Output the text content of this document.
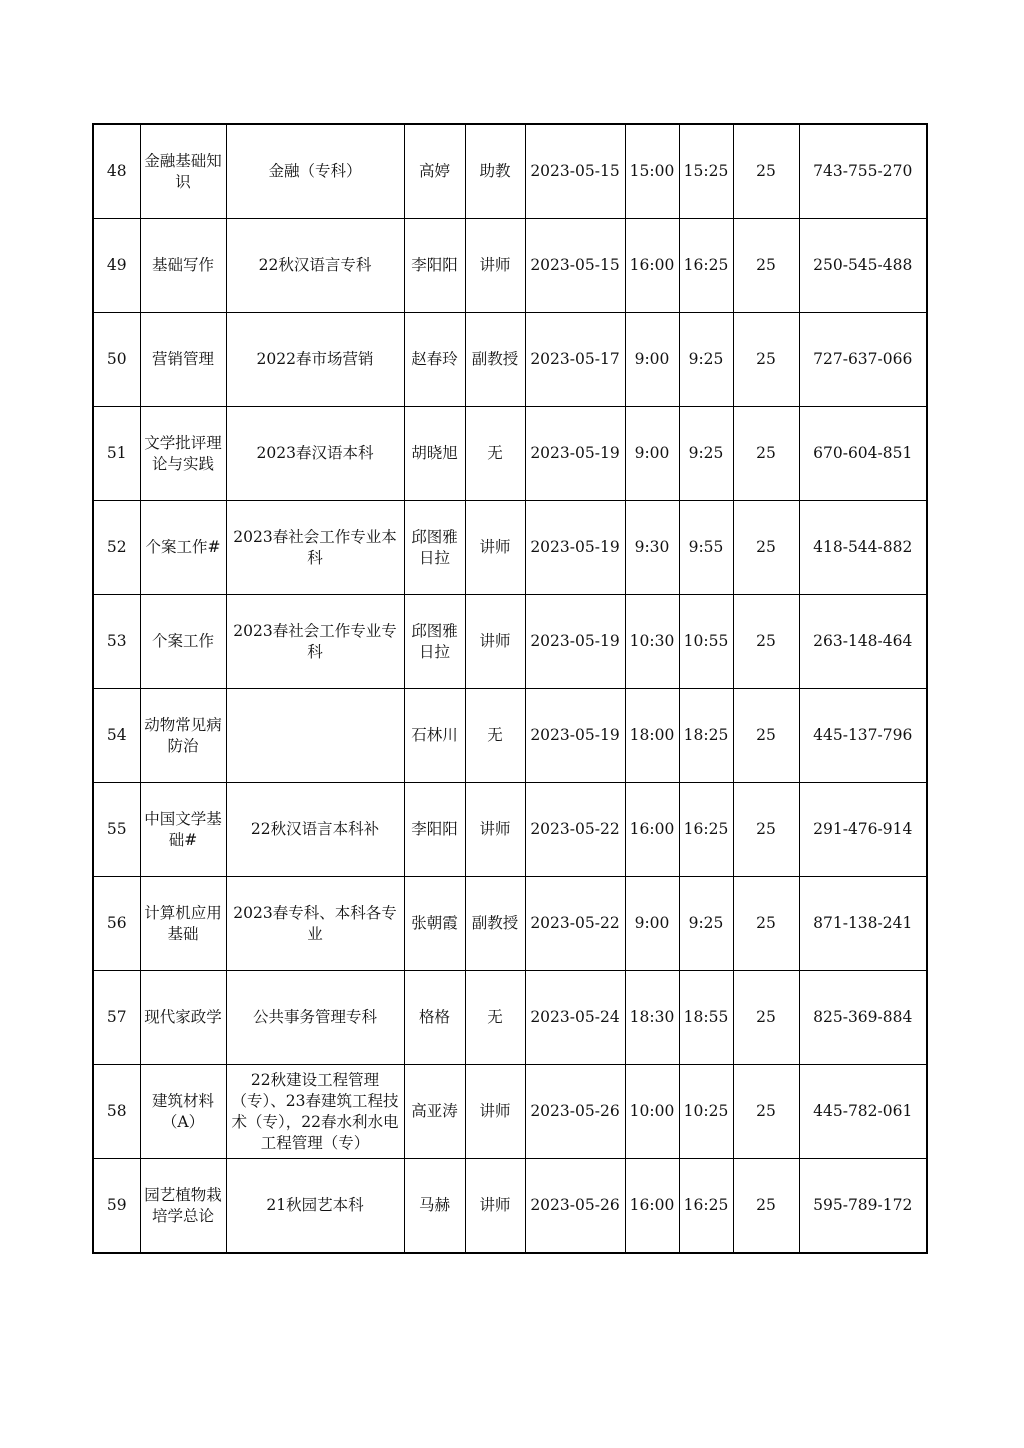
48	金融基础知识	金融（专科）	高婷	助教	2023-05-15	15:00	15:25	25	743-755-270
49	基础写作	22秋汉语言专科	李阳阳	讲师	2023-05-15	16:00	16:25	25	250-545-488
50	营销管理	2022春市场营销	赵春玲	副教授	2023-05-17	9:00	9:25	25	727-637-066
51	文学批评理论与实践	2023春汉语本科	胡晓旭	无	2023-05-19	9:00	9:25	25	670-604-851
52	个案工作#	2023春社会工作专业本科	邱图雅日拉	讲师	2023-05-19	9:30	9:55	25	418-544-882
53	个案工作	2023春社会工作专业专科	邱图雅日拉	讲师	2023-05-19	10:30	10:55	25	263-148-464
54	动物常见病防治		石林川	无	2023-05-19	18:00	18:25	25	445-137-796
55	中国文学基础#	22秋汉语言本科补	李阳阳	讲师	2023-05-22	16:00	16:25	25	291-476-914
56	计算机应用基础	2023春专科、本科各专业	张朝霞	副教授	2023-05-22	9:00	9:25	25	871-138-241
57	现代家政学	公共事务管理专科	格格	无	2023-05-24	18:30	18:55	25	825-369-884
58	建筑材料（A）	22秋建设工程管理（专）、23春建筑工程技术（专），22春水利水电工程管理（专）	高亚涛	讲师	2023-05-26	10:00	10:25	25	445-782-061
59	园艺植物栽培学总论	21秋园艺本科	马赫	讲师	2023-05-26	16:00	16:25	25	595-789-172
